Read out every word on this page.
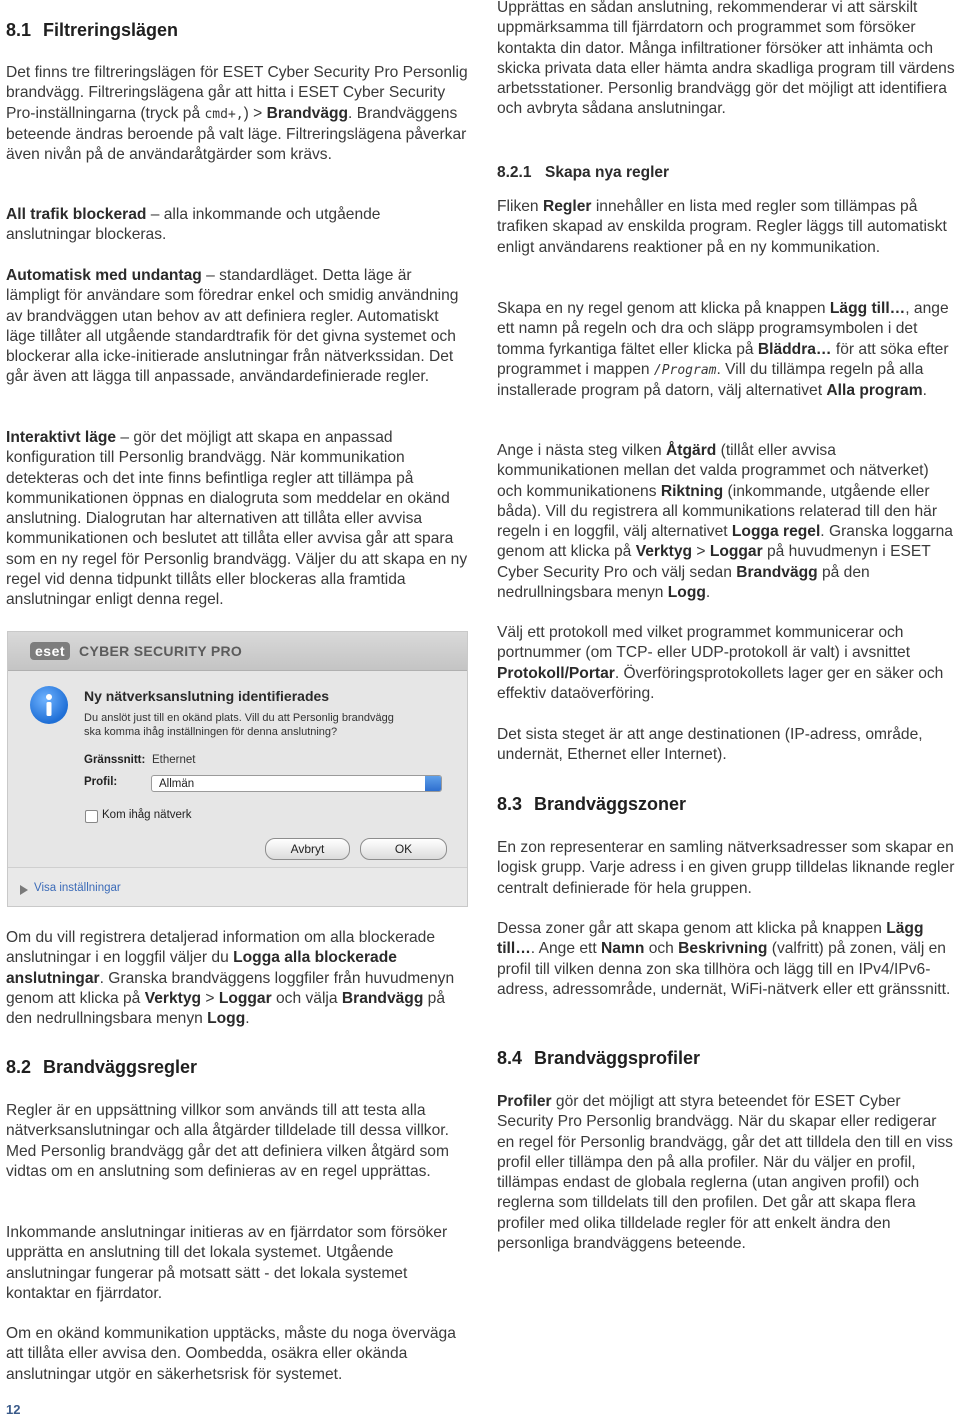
8.1 Filtreringslägen

Det finns tre filtreringslägen för ESET Cyber Security Pro Personlig brandvägg. Filtreringslägena går att hitta i ESET Cyber Security Pro-inställningarna (tryck på cmd+,) > Brandvägg. Brandväggens beteende ändras beroende på valt läge. Filtreringslägena påverkar även nivån på de användaråtgärder som krävs.

All trafik blockerad – alla inkommande och utgående anslutningar blockeras.

Automatisk med undantag – standardläget. Detta läge är lämpligt för användare som föredrar enkel och smidig användning av brandväggen utan behov av att definiera regler. Automatiskt läge tillåter all utgående standardtrafik för det givna systemet och blockerar alla icke-initierade anslutningar från nätverkssidan. Det går även att lägga till anpassade, användardefinierade regler.

Interaktivt läge – gör det möjligt att skapa en anpassad konfiguration till Personlig brandvägg. När kommunikation detekteras och det inte finns befintliga regler att tillämpa på kommunikationen öppnas en dialogruta som meddelar en okänd anslutning. Dialogrutan har alternativen att tillåta eller avvisa kommunikationen och beslutet att tillåta eller avvisa går att spara som en ny regel för Personlig brandvägg. Väljer du att skapa en ny regel vid denna tidpunkt tillåts eller blockeras alla framtida anslutningar enligt denna regel.

Om du vill registrera detaljerad information om alla blockerade anslutningar i en loggfil väljer du Logga alla blockerade anslutningar. Granska brandväggens loggfiler från huvudmenyn genom att klicka på Verktyg > Loggar och välja Brandvägg på den nedrullningsbara menyn Logg.

8.2 Brandväggsregler

Regler är en uppsättning villkor som används till att testa alla nätverksanslutningar och alla åtgärder tilldelade till dessa villkor. Med Personlig brandvägg går det att definiera vilken åtgärd som vidtas om en anslutning som definieras av en regel upprättas.

Inkommande anslutningar initieras av en fjärrdator som försöker upprätta en anslutning till det lokala systemet. Utgående anslutningar fungerar på motsatt sätt - det lokala systemet kontaktar en fjärrdator.

Om en okänd kommunikation upptäcks, måste du noga överväga att tillåta eller avvisa den. Oombedda, osäkra eller okända anslutningar utgör en säkerhetsrisk för systemet.

eset	CYBER SECURITY PRO
Ny nätverksanslutning identifierades
Du anslöt just till en okänd plats. Vill du att Personlig brandvägg ska komma ihåg inställningen för denna anslutning?
Gränssnitt: Ethernet
Profil:	Allmän
Kom ihåg nätverk
Avbryt	OK
Visa inställningar

Upprättas en sådan anslutning, rekommenderar vi att särskilt uppmärksamma till fjärrdatorn och programmet som försöker kontakta din dator. Många infiltrationer försöker att inhämta och skicka privata data eller hämta andra skadliga program till värdens arbetsstationer. Personlig brandvägg gör det möjligt att identifiera och avbryta sådana anslutningar.

8.2.1 Skapa nya regler

Fliken Regler innehåller en lista med regler som tillämpas på trafiken skapad av enskilda program. Regler läggs till automatiskt enligt användarens reaktioner på en ny kommunikation.

Skapa en ny regel genom att klicka på knappen Lägg till…, ange ett namn på regeln och dra och släpp programsymbolen i det tomma fyrkantiga fältet eller klicka på Bläddra… för att söka efter programmet i mappen /Program. Vill du tillämpa regeln på alla installerade program på datorn, välj alternativet Alla program.

Ange i nästa steg vilken Åtgärd (tillåt eller avvisa kommunikationen mellan det valda programmet och nätverket) och kommunikationens Riktning (inkommande, utgående eller båda). Vill du registrera all kommunikations relaterad till den här regeln i en loggfil, välj alternativet Logga regel. Granska loggarna genom att klicka på Verktyg > Loggar på huvudmenyn i ESET Cyber Security Pro och välj sedan Brandvägg på den nedrullningsbara menyn Logg.

Välj ett protokoll med vilket programmet kommunicerar och portnummer (om TCP- eller UDP-protokoll är valt) i avsnittet Protokoll/Portar. Överföringsprotokollets lager ger en säker och effektiv dataöverföring.

Det sista steget är att ange destinationen (IP-adress, område, undernät, Ethernet eller Internet).

8.3 Brandväggszoner

En zon representerar en samling nätverksadresser som skapar en logisk grupp. Varje adress i en given grupp tilldelas liknande regler centralt definierade för hela gruppen.

Dessa zoner går att skapa genom att klicka på knappen Lägg till…. Ange ett Namn och Beskrivning (valfritt) på zonen, välj en profil till vilken denna zon ska tillhöra och lägg till en IPv4/IPv6-adress, adressområde, undernät, WiFi-nätverk eller ett gränssnitt.

8.4 Brandväggsprofiler

Profiler gör det möjligt att styra beteendet för ESET Cyber Security Pro Personlig brandvägg. När du skapar eller redigerar en regel för Personlig brandvägg, går det att tilldela den till en viss profil eller tillämpa den på alla profiler. När du väljer en profil, tillämpas endast de globala reglerna (utan angiven profil) och reglerna som tilldelats till den profilen. Det går att skapa flera profiler med olika tilldelade regler för att enkelt ändra den personliga brandväggens beteende.

12
